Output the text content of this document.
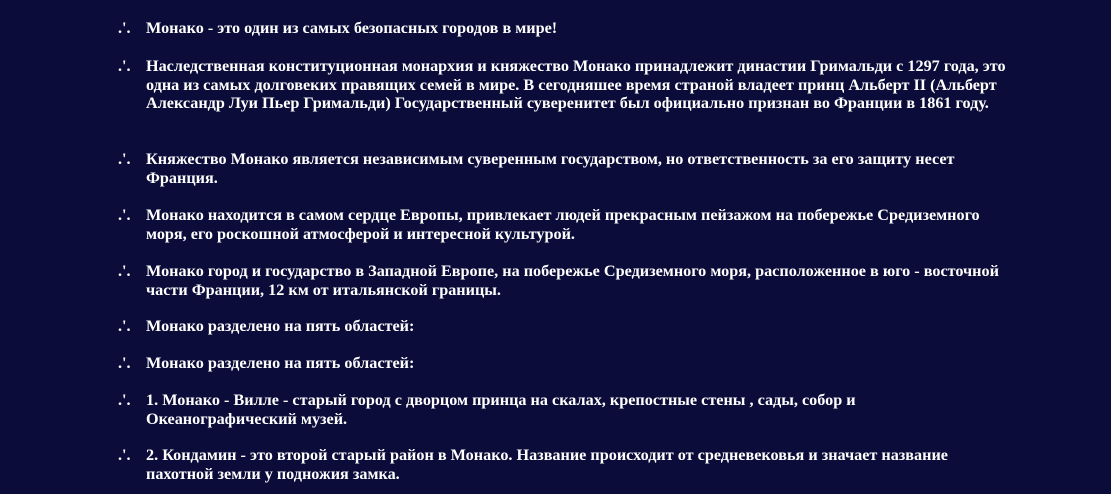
.'. Монако - это один из самых безопасных городов в мире!
.'. Наследственная конституционная монархия и княжество Монако принадлежит династии Гримальди с 1297 года, это одна из самых долговеких правящих семей в мире. В сегодняшее время страной владеет принц Альберт II (Альберт Александр Луи Пьер Гримальди) Государственный суверенитет был официально признан во Франции в 1861 году.
.'. Княжество Монако является независимым суверенным государством, но ответственность за его защиту несет Франция.
.'. Монако находится в самом сердце Европы, привлекает людей прекрасным пейзажом на побережье Средиземного моря, его роскошной атмосферой и интересной культурой.
.'. Монако город и государство в Западной Европе, на побережье Средиземного моря, расположенное в юго - восточной части Франции, 12 км от итальянской границы.
.'. Монако разделено на пять областей:
.'. Монако разделено на пять областей:
.'. 1. Монако - Вилле - старый город с дворцом принца на скалах, крепостные стены , сады, собор и Океанографический музей.
.'. 2. Кондамин - это второй старый район в Монако. Название происходит от средневековья и значает название пахотной земли у подножия замка.
